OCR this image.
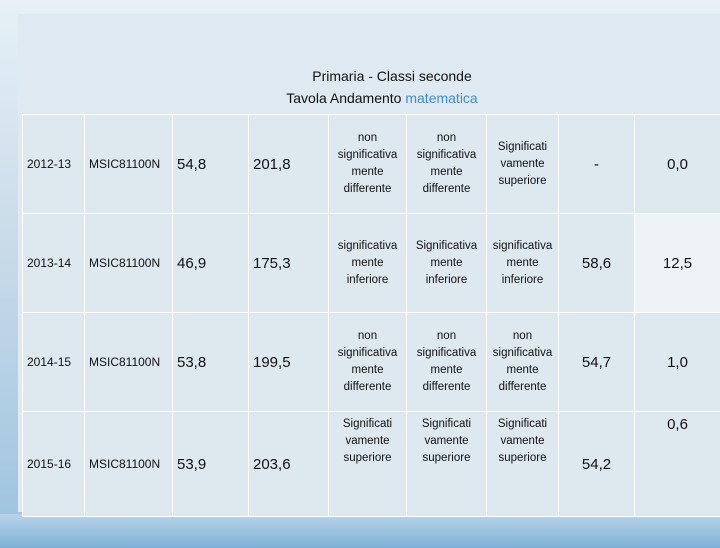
Primaria - Classi seconde
Tavola Andamento matematica
2012-13	MSIC81100N	54,8	201,8	non significativa mente differente	non significativa mente differente	Significati vamente superiore	-	0,0
2013-14	MSIC81100N	46,9	175,3	significativa mente inferiore	Significativa mente inferiore	significativa mente inferiore	58,6	12,5
2014-15	MSIC81100N	53,8	199,5	non significativa mente differente	non significativa mente differente	non significativa mente differente	54,7	1,0
2015-16	MSIC81100N	53,9	203,6	Significati vamente superiore	Significati vamente superiore	Significati vamente superiore	54,2	0,6
